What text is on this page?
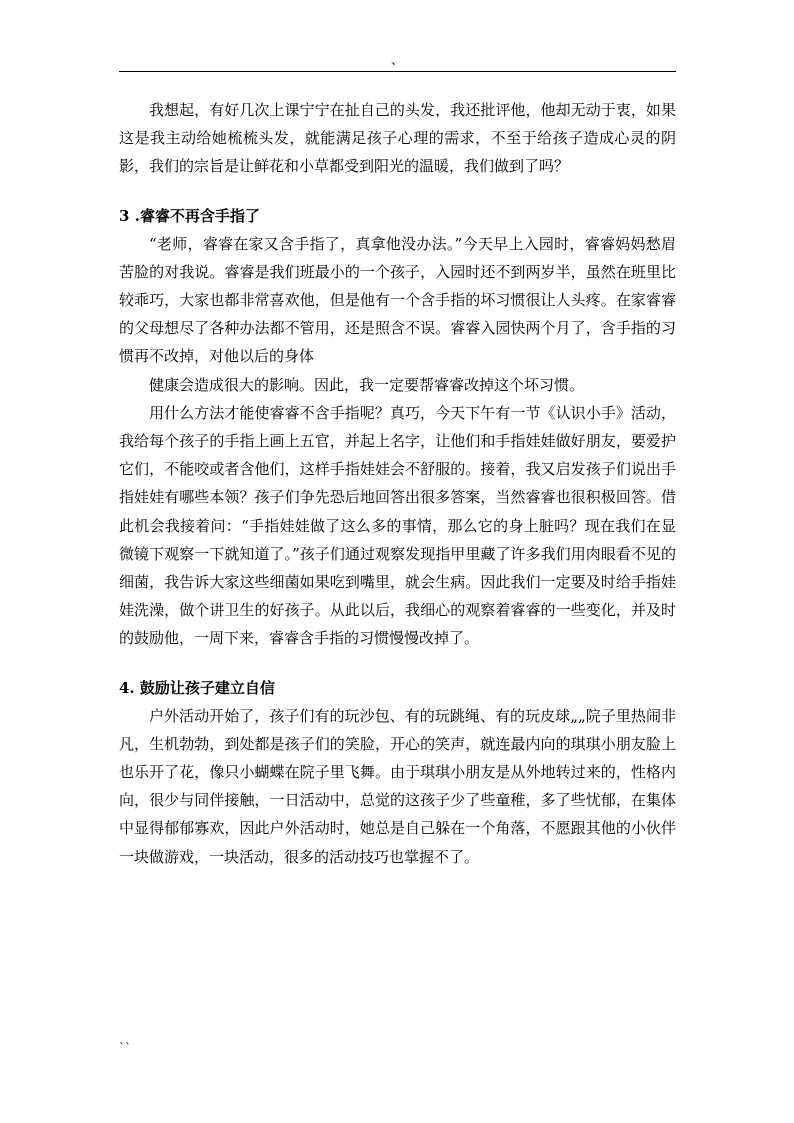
、

我想起，有好几次上课宁宁在扯自己的头发，我还批评他，他却无动于衷，如果这是我主动给她梳梳头发，就能满足孩子心理的需求，不至于给孩子造成心灵的阴影，我们的宗旨是让鲜花和小草都受到阳光的温暖，我们做到了吗？

3 .睿睿不再含手指了

“老师，睿睿在家又含手指了，真拿他没办法。”今天早上入园时，睿睿妈妈愁眉苦脸的对我说。睿睿是我们班最小的一个孩子，入园时还不到两岁半，虽然在班里比较乖巧，大家也都非常喜欢他，但是他有一个含手指的坏习惯很让人头疼。在家睿睿的父母想尽了各种办法都不管用，还是照含不误。睿睿入园快两个月了，含手指的习惯再不改掉，对他以后的身体

健康会造成很大的影响。因此，我一定要帮睿睿改掉这个坏习惯。

用什么方法才能使睿睿不含手指呢？真巧，今天下午有一节《认识小手》活动，我给每个孩子的手指上画上五官，并起上名字，让他们和手指娃娃做好朋友，要爱护它们，不能咬或者含他们，这样手指娃娃会不舒服的。接着，我又启发孩子们说出手指娃娃有哪些本领？孩子们争先恐后地回答出很多答案，当然睿睿也很积极回答。借此机会我接着问：“手指娃娃做了这么多的事情，那么它的身上脏吗？现在我们在显微镜下观察一下就知道了。”孩子们通过观察发现指甲里藏了许多我们用肉眼看不见的细菌，我告诉大家这些细菌如果吃到嘴里，就会生病。因此我们一定要及时给手指娃娃洗澡，做个讲卫生的好孩子。从此以后，我细心的观察着睿睿的一些变化，并及时的鼓励他，一周下来，睿睿含手指的习惯慢慢改掉了。

4. 鼓励让孩子建立自信

户外活动开始了，孩子们有的玩沙包、有的玩跳绳、有的玩皮球„„院子里热闹非凡，生机勃勃，到处都是孩子们的笑脸，开心的笑声，就连最内向的琪琪小朋友脸上也乐开了花，像只小蝴蝶在院子里飞舞。由于琪琪小朋友是从外地转过来的，性格内向，很少与同伴接触，一日活动中，总觉的这孩子少了些童稚，多了些忧郁，在集体中显得郁郁寡欢，因此户外活动时，她总是自己躲在一个角落，不愿跟其他的小伙伴一块做游戏，一块活动，很多的活动技巧也掌握不了。

``
